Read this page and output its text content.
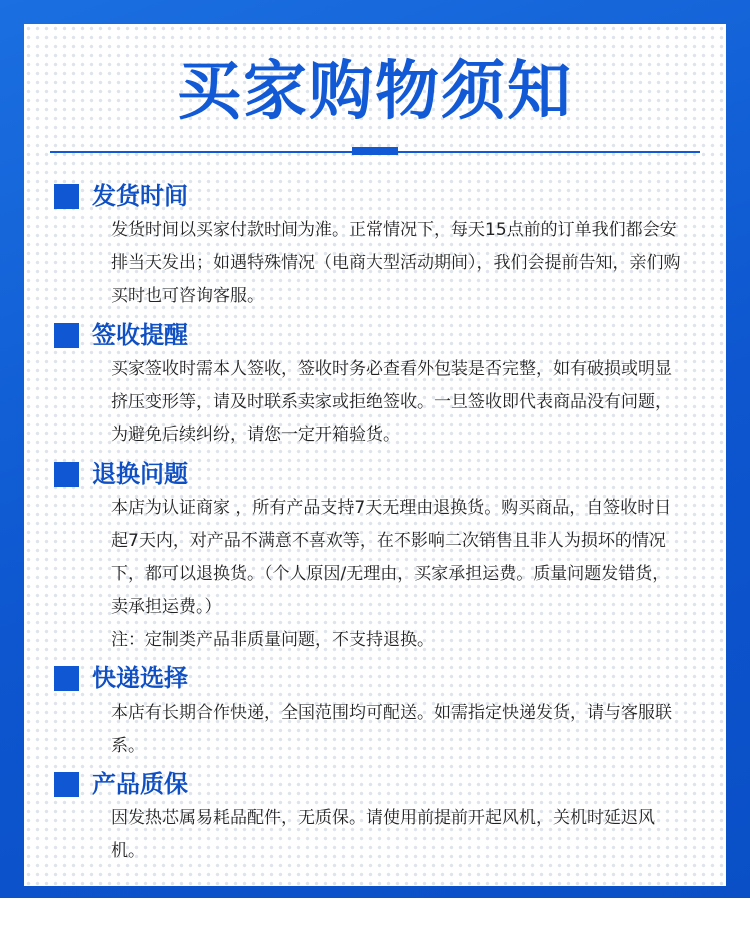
买家购物须知
发货时间

发货时间以买家付款时间为准。正常情况下，每天15点前的订单我们都会安排当天发出；如遇特殊情况（电商大型活动期间），我们会提前告知，亲们购买时也可咨询客服。

签收提醒

买家签收时需本人签收，签收时务必查看外包装是否完整，如有破损或明显挤压变形等，请及时联系卖家或拒绝签收。一旦签收即代表商品没有问题，为避免后续纠纷，请您一定开箱验货。

退换问题

本店为认证商家 ，所有产品支持7天无理由退换货。购买商品，自签收时日起7天内，对产品不满意不喜欢等，在不影响二次销售且非人为损坏的情况下，都可以退换货。（个人原因/无理由，买家承担运费。质量问题发错货，卖承担运费。）

注：定制类产品非质量问题，不支持退换。

快递选择

本店有长期合作快递，全国范围均可配送。如需指定快递发货，请与客服联系。

产品质保

因发热芯属易耗品配件，无质保。请使用前提前开起风机，关机时延迟风机。
